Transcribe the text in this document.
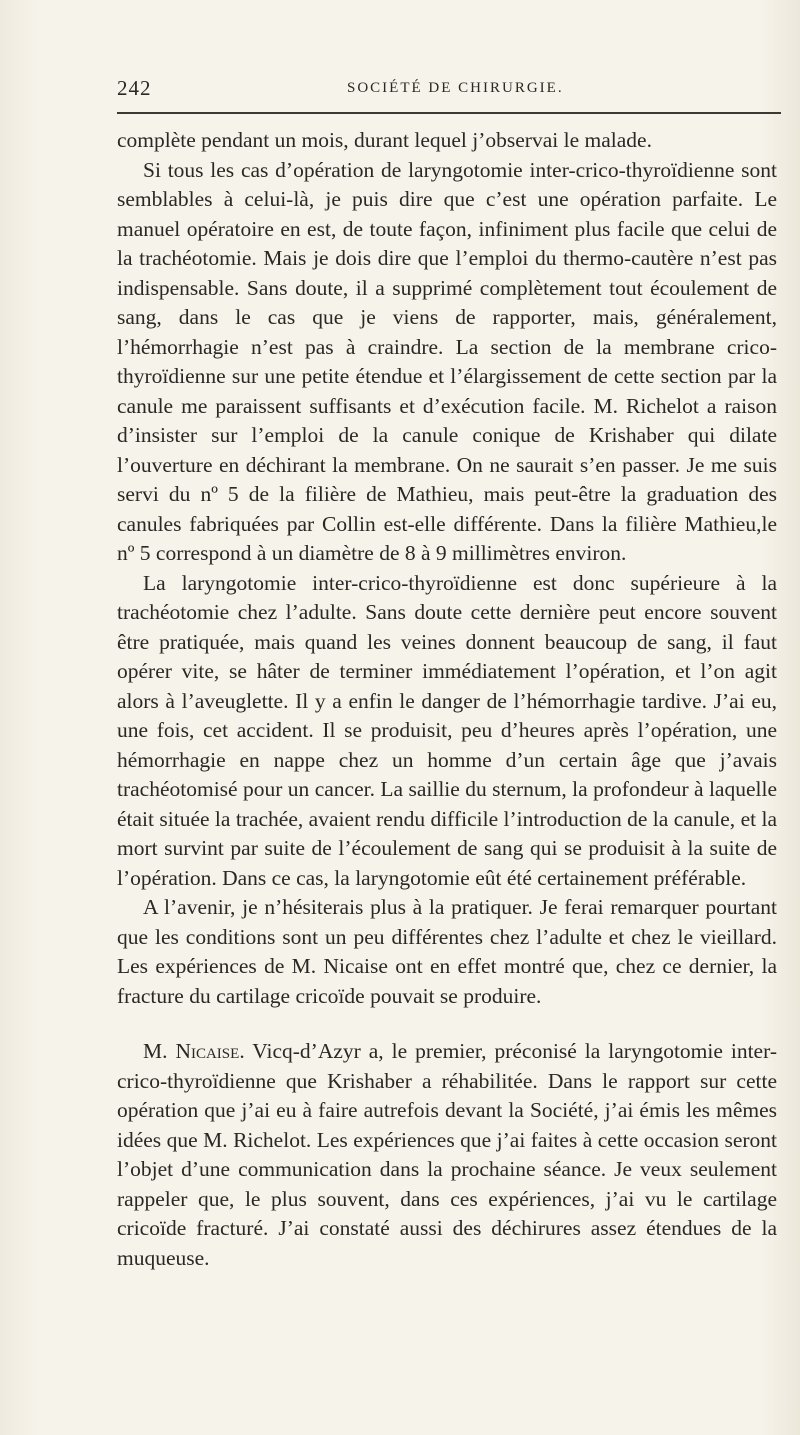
242	SOCIÉTÉ DE CHIRURGIE.

complète pendant un mois, durant lequel j’observai le malade.

Si tous les cas d’opération de laryngotomie inter-crico-thyroïdienne sont semblables à celui-là, je puis dire que c’est une opération parfaite. Le manuel opératoire en est, de toute façon, infiniment plus facile que celui de la trachéotomie. Mais je dois dire que l’emploi du thermo-cautère n’est pas indispensable. Sans doute, il a supprimé complètement tout écoulement de sang, dans le cas que je viens de rapporter, mais, généralement, l’hémorrhagie n’est pas à craindre. La section de la membrane crico-thyroïdienne sur une petite étendue et l’élargissement de cette section par la canule me paraissent suffisants et d’exécution facile. M. Richelot a raison d’insister sur l’emploi de la canule conique de Krishaber qui dilate l’ouverture en déchirant la membrane. On ne saurait s’en passer. Je me suis servi du nº 5 de la filière de Mathieu, mais peut-être la graduation des canules fabriquées par Collin est-elle différente. Dans la filière Mathieu,le nº 5 correspond à un diamètre de 8 à 9 millimètres environ.

La laryngotomie inter-crico-thyroïdienne est donc supérieure à la trachéotomie chez l’adulte. Sans doute cette dernière peut encore souvent être pratiquée, mais quand les veines donnent beaucoup de sang, il faut opérer vite, se hâter de terminer immédiatement l’opération, et l’on agit alors à l’aveuglette. Il y a enfin le danger de l’hémorrhagie tardive. J’ai eu, une fois, cet accident. Il se produisit, peu d’heures après l’opération, une hémorrhagie en nappe chez un homme d’un certain âge que j’avais trachéotomisé pour un cancer. La saillie du sternum, la profondeur à laquelle était située la trachée, avaient rendu difficile l’introduction de la canule, et la mort survint par suite de l’écoulement de sang qui se produisit à la suite de l’opération. Dans ce cas, la laryngotomie eût été certainement préférable.

A l’avenir, je n’hésiterais plus à la pratiquer. Je ferai remarquer pourtant que les conditions sont un peu différentes chez l’adulte et chez le vieillard. Les expériences de M. Nicaise ont en effet montré que, chez ce dernier, la fracture du cartilage cricoïde pouvait se produire.

M. Nicaise. Vicq-d’Azyr a, le premier, préconisé la laryngotomie inter-crico-thyroïdienne que Krishaber a réhabilitée. Dans le rapport sur cette opération que j’ai eu à faire autrefois devant la Société, j’ai émis les mêmes idées que M. Richelot. Les expériences que j’ai faites à cette occasion seront l’objet d’une communication dans la prochaine séance. Je veux seulement rappeler que, le plus souvent, dans ces expériences, j’ai vu le cartilage cricoïde fracturé. J’ai constaté aussi des déchirures assez étendues de la muqueuse.
